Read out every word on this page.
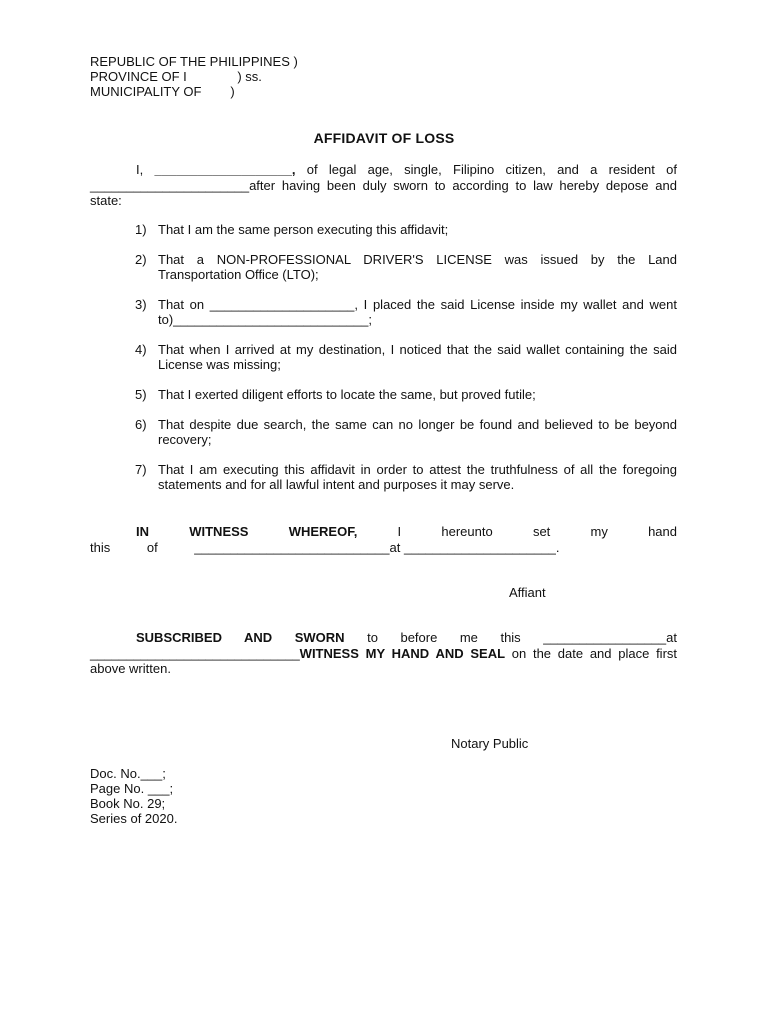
REPUBLIC OF THE PHILIPPINES )
PROVINCE OF I              ) ss.
MUNICIPALITY OF        )
AFFIDAVIT OF LOSS
I, ___________________, of legal age, single, Filipino citizen, and a resident of ______________________after having been duly sworn to according to law hereby depose and state:
1) That I am the same person executing this affidavit;
2) That a NON-PROFESSIONAL DRIVER'S LICENSE was issued by the Land Transportation Office (LTO);
3) That on ____________________, I placed the said License inside my wallet and went to)___________________________;
4) That when I arrived at my destination, I noticed that the said wallet containing the said License was missing;
5) That I exerted diligent efforts to locate the same, but proved futile;
6) That despite due search, the same can no longer be found and believed to be beyond recovery;
7) That I am executing this affidavit in order to attest the truthfulness of all the foregoing statements and for all lawful intent and purposes it may serve.
IN WITNESS WHEREOF, I hereunto set my hand this of ___________________________at _____________________.
Affiant
SUBSCRIBED AND SWORN to before me this _________________at _____________________________WITNESS MY HAND AND SEAL on the date and place first above written.
Notary Public
Doc. No.___;
Page No. ___;
Book No. 29;
Series of 2020.
